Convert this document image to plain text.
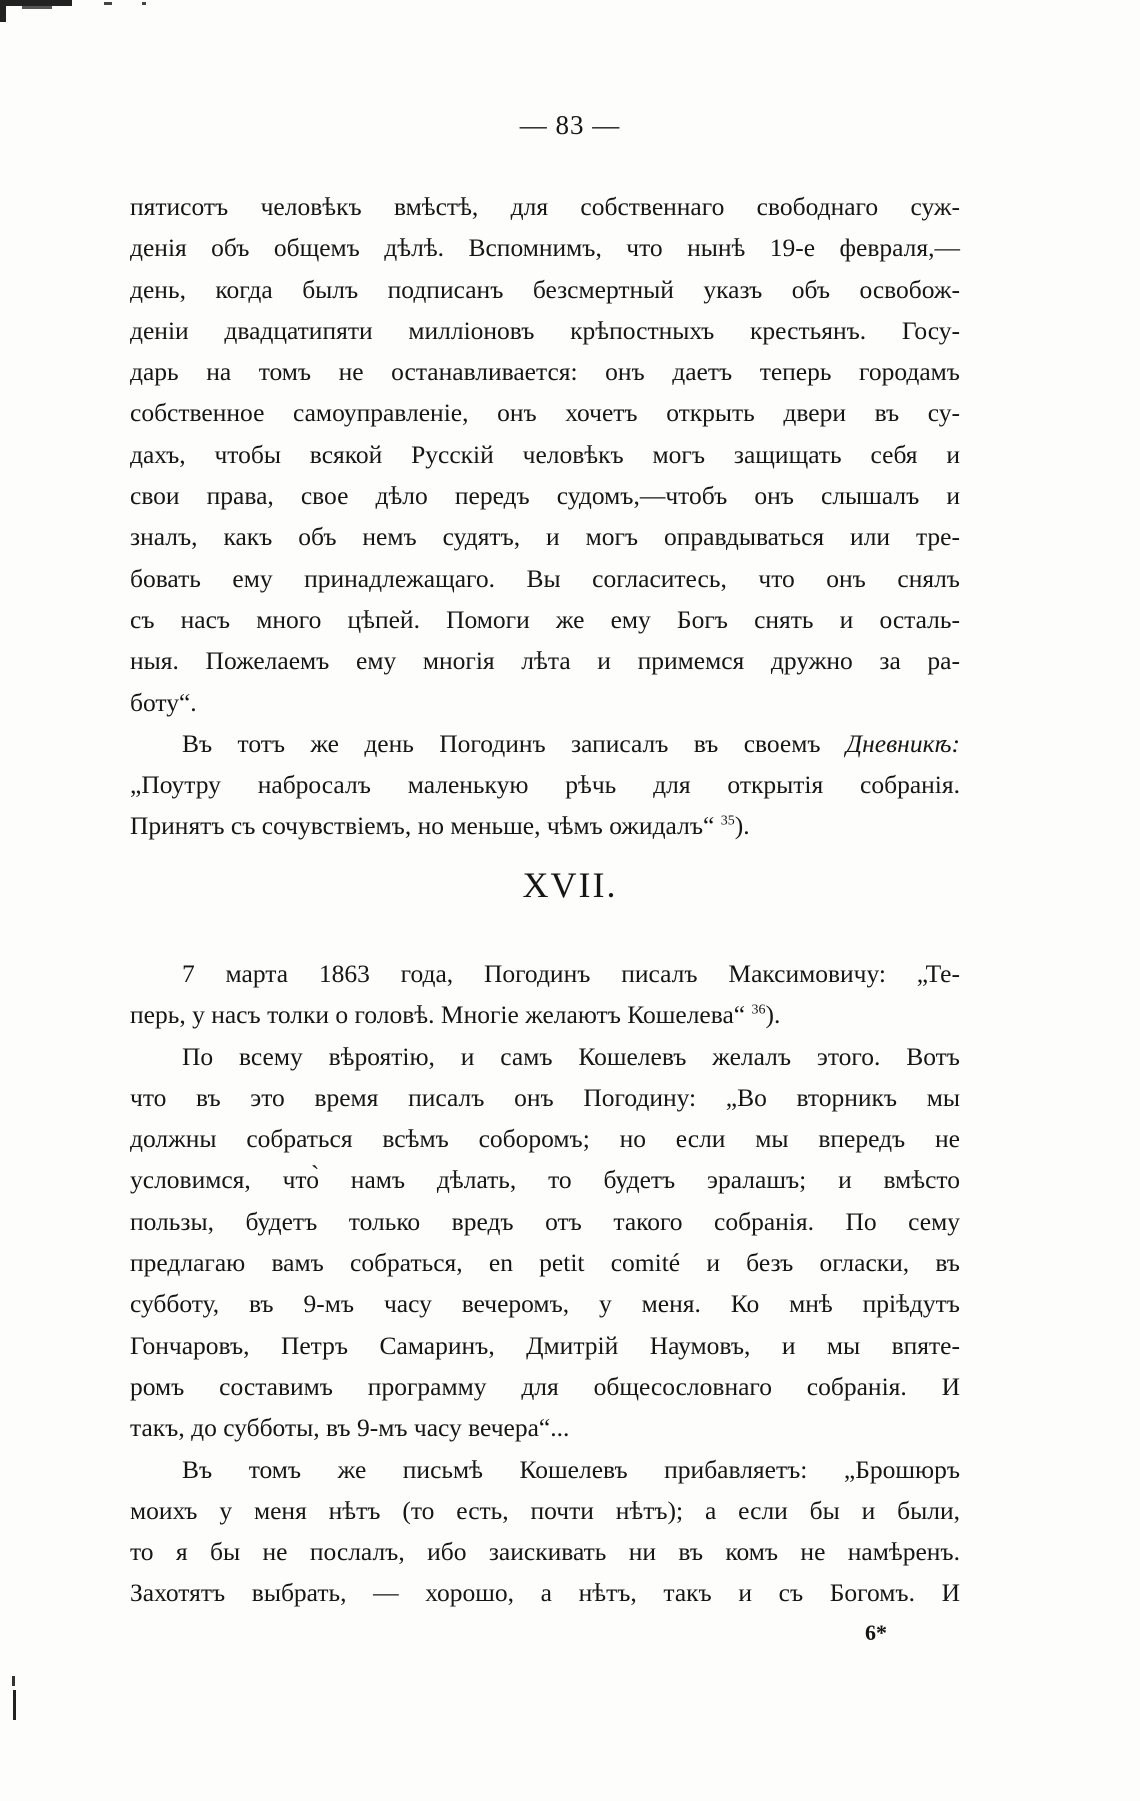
— 83 —
пятисотъ человѣкъ вмѣстѣ, для собственнаго свободнаго суж-
денія объ общемъ дѣлѣ. Вспомнимъ, что нынѣ 19-е февраля,—
день, когда былъ подписанъ безсмертный указъ объ освобож-
деніи двадцатипяти милліоновъ крѣпостныхъ крестьянъ. Госу-
дарь на томъ не останавливается: онъ даетъ теперь городамъ
собственное самоуправленіе, онъ хочетъ открыть двери въ су-
дахъ, чтобы всякой Русскій человѣкъ могъ защищать себя и
свои права, свое дѣло передъ судомъ,—чтобъ онъ слышалъ и
зналъ, какъ объ немъ судятъ, и могъ оправдываться или тре-
бовать ему принадлежащаго. Вы согласитесь, что онъ снялъ
съ насъ много цѣпей. Помоги же ему Богъ снять и осталь-
ныя. Пожелаемъ ему многія лѣта и примемся дружно за ра-
боту“.
Въ тотъ же день Погодинъ записалъ въ своемъ Дневникѣ:
„Поутру набросалъ маленькую рѣчь для открытія собранія.
Принятъ съ сочувствіемъ, но меньше, чѣмъ ожидалъ“ $^{35}$).
XVII.
7 марта 1863 года, Погодинъ писалъ Максимовичу: „Те-
перь, у насъ толки о головѣ. Многіе желаютъ Кошелева“ $^{36}$).
По всему вѣроятію, и самъ Кошелевъ желалъ этого. Вотъ
что въ это время писалъ онъ Погодину: „Во вторникъ мы
должны собраться всѣмъ соборомъ; но если мы впередъ не
условимся, что̀ намъ дѣлать, то будетъ эралашъ; и вмѣсто
пользы, будетъ только вредъ отъ такого собранія. По сему
предлагаю вамъ собраться, en petit comité и безъ огласки, въ
субботу, въ 9-мъ часу вечеромъ, у меня. Ко мнѣ пріѣдутъ
Гончаровъ, Петръ Самаринъ, Дмитрій Наумовъ, и мы впяте-
ромъ составимъ программу для общесословнаго собранія. И
такъ, до субботы, въ 9-мъ часу вечера“...
Въ томъ же письмѣ Кошелевъ прибавляетъ: „Брошюръ
моихъ у меня нѣтъ (то есть, почти нѣтъ); а если бы и были,
то я бы не послалъ, ибо заискивать ни въ комъ не намѣренъ.
Захотятъ выбрать, — хорошо, а нѣтъ, такъ и съ Богомъ. И
6*
